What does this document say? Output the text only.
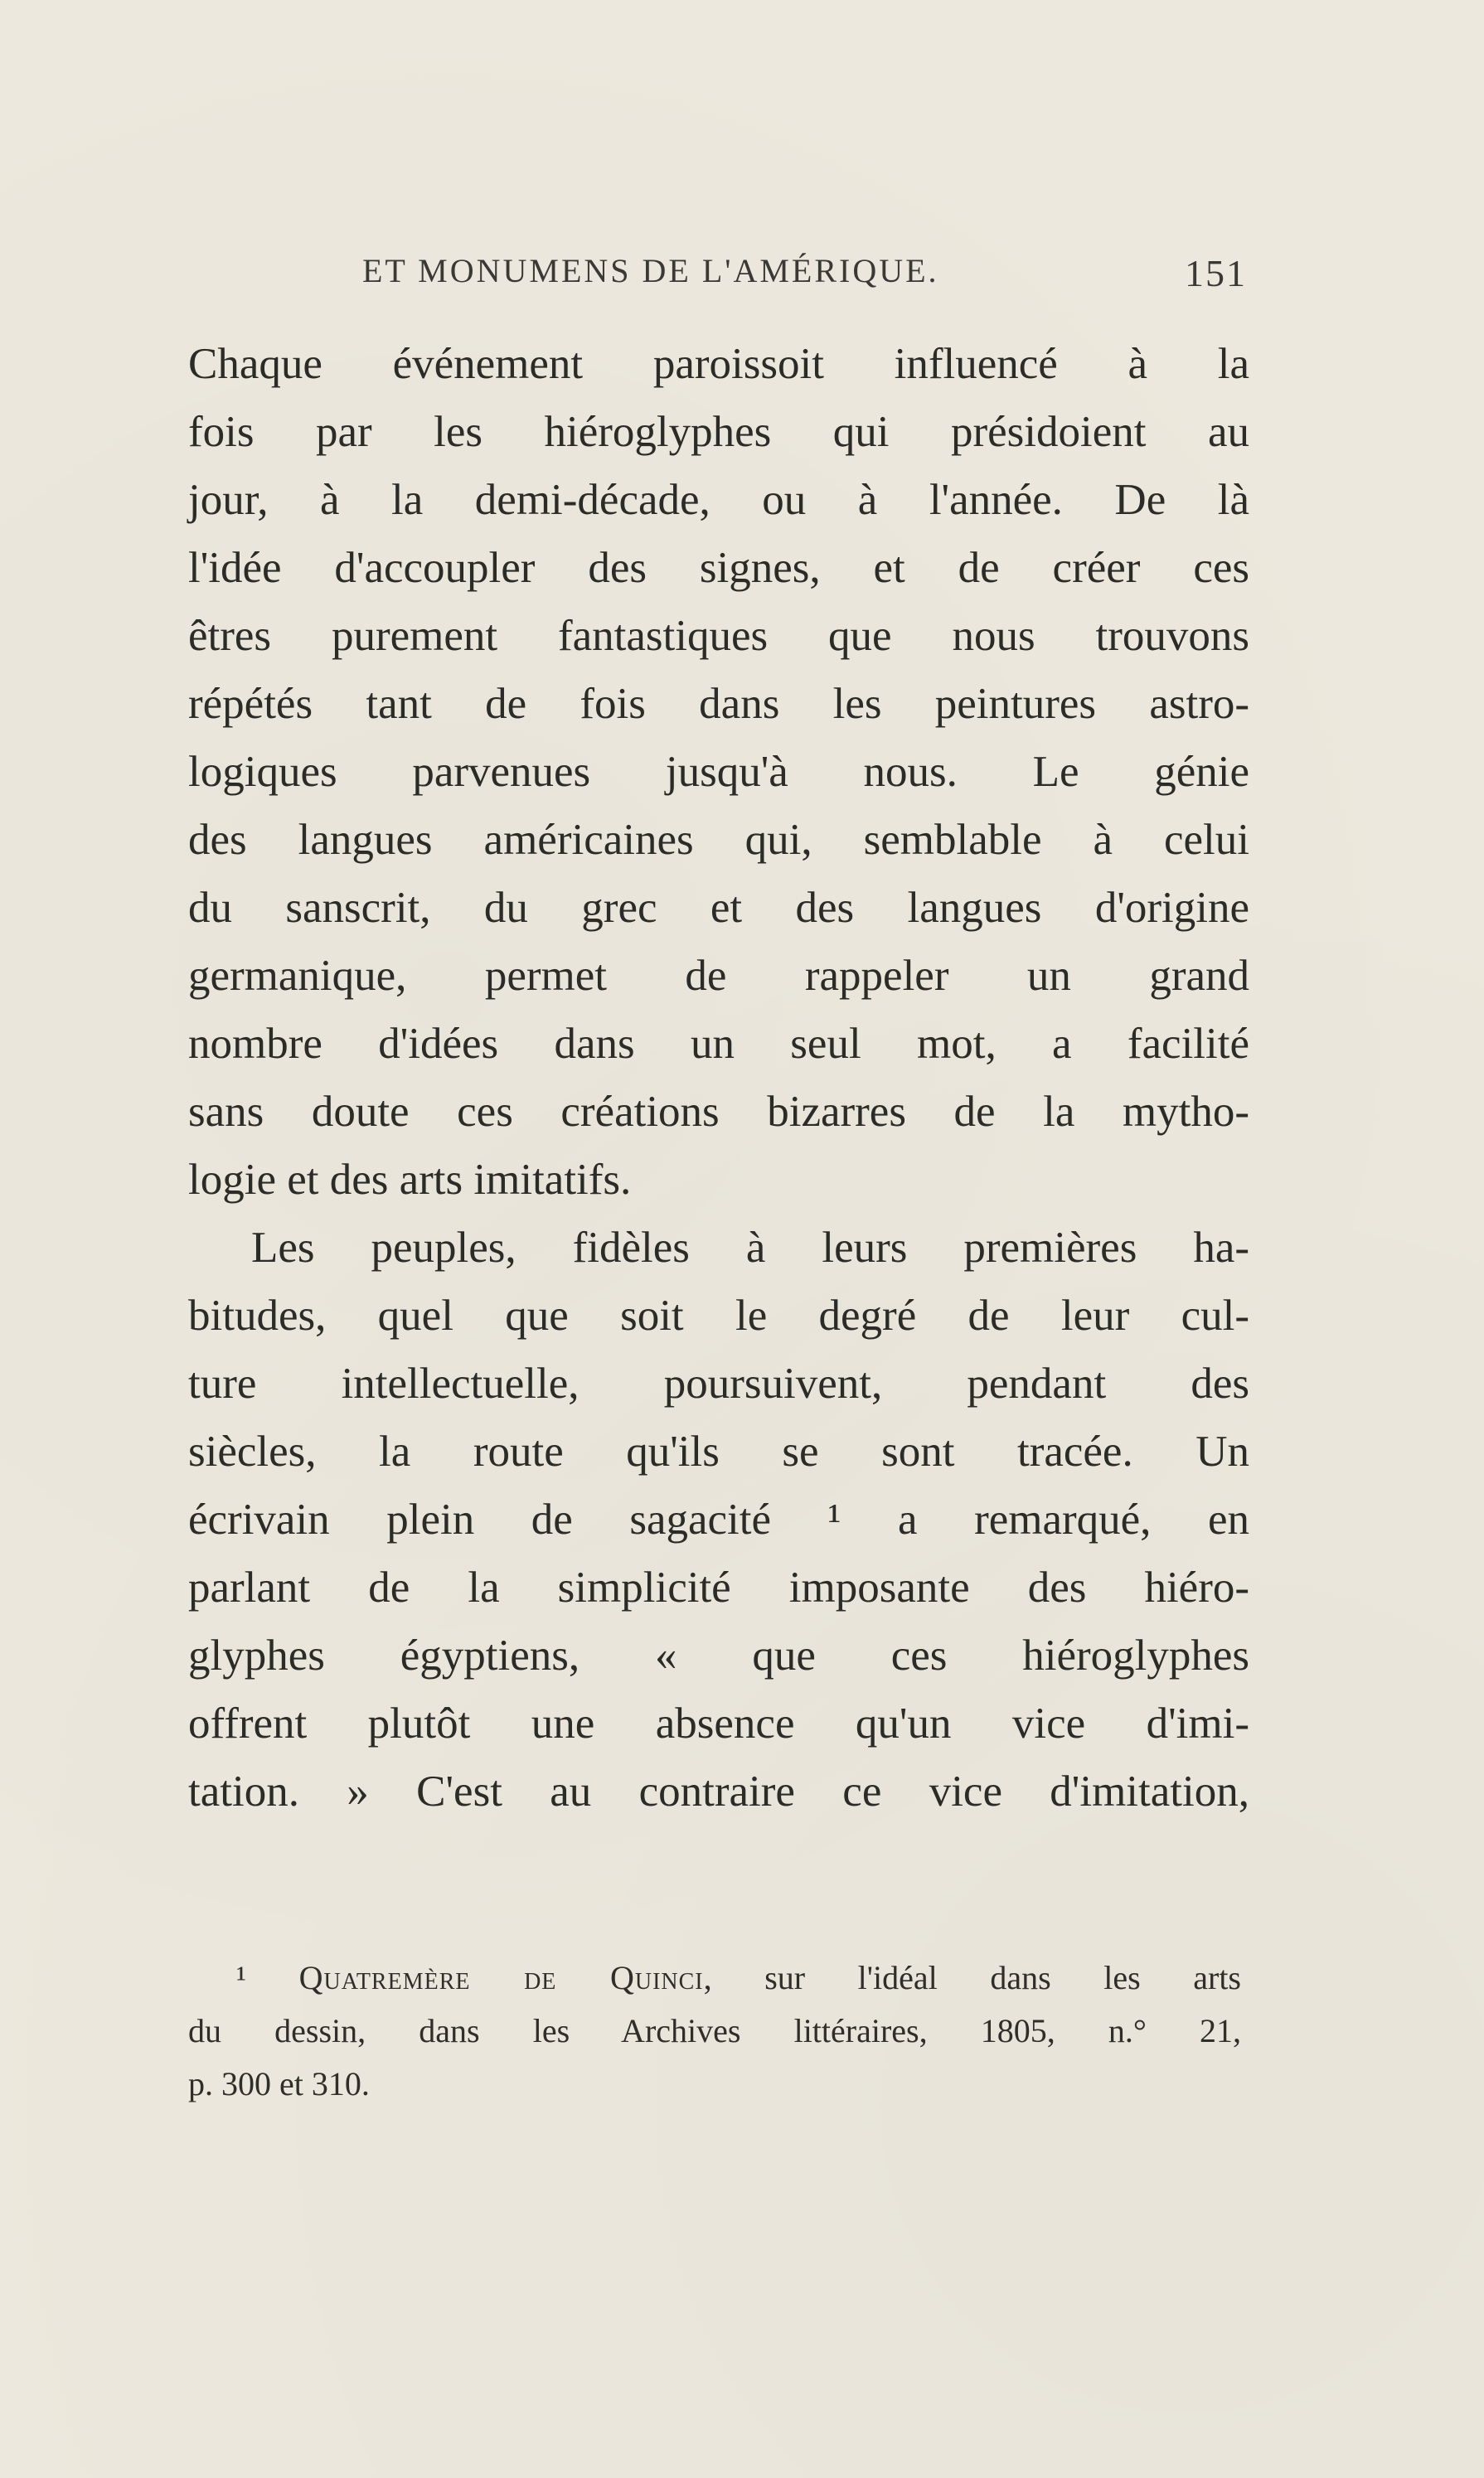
ET MONUMENS DE L'AMÉRIQUE.	151
Chaque événement paroissoit influencé à la
fois par les hiéroglyphes qui présidoient au
jour, à la demi-décade, ou à l'année. De là
l'idée d'accoupler des signes, et de créer ces
êtres purement fantastiques que nous trouvons
répétés tant de fois dans les peintures astro-
logiques parvenues jusqu'à nous. Le génie
des langues américaines qui, semblable à celui
du sanscrit, du grec et des langues d'origine
germanique, permet de rappeler un grand
nombre d'idées dans un seul mot, a facilité
sans doute ces créations bizarres de la mytho-
logie et des arts imitatifs.
Les peuples, fidèles à leurs premières ha-
bitudes, quel que soit le degré de leur cul-
ture intellectuelle, poursuivent, pendant des
siècles, la route qu'ils se sont tracée. Un
écrivain plein de sagacité ¹ a remarqué, en
parlant de la simplicité imposante des hiéro-
glyphes égyptiens, « que ces hiéroglyphes
offrent plutôt une absence qu'un vice d'imi-
tation. » C'est au contraire ce vice d'imitation,
¹ Quatremère de Quinci, sur l'idéal dans les arts
du dessin, dans les Archives littéraires, 1805, n.° 21,
p. 300 et 310.
